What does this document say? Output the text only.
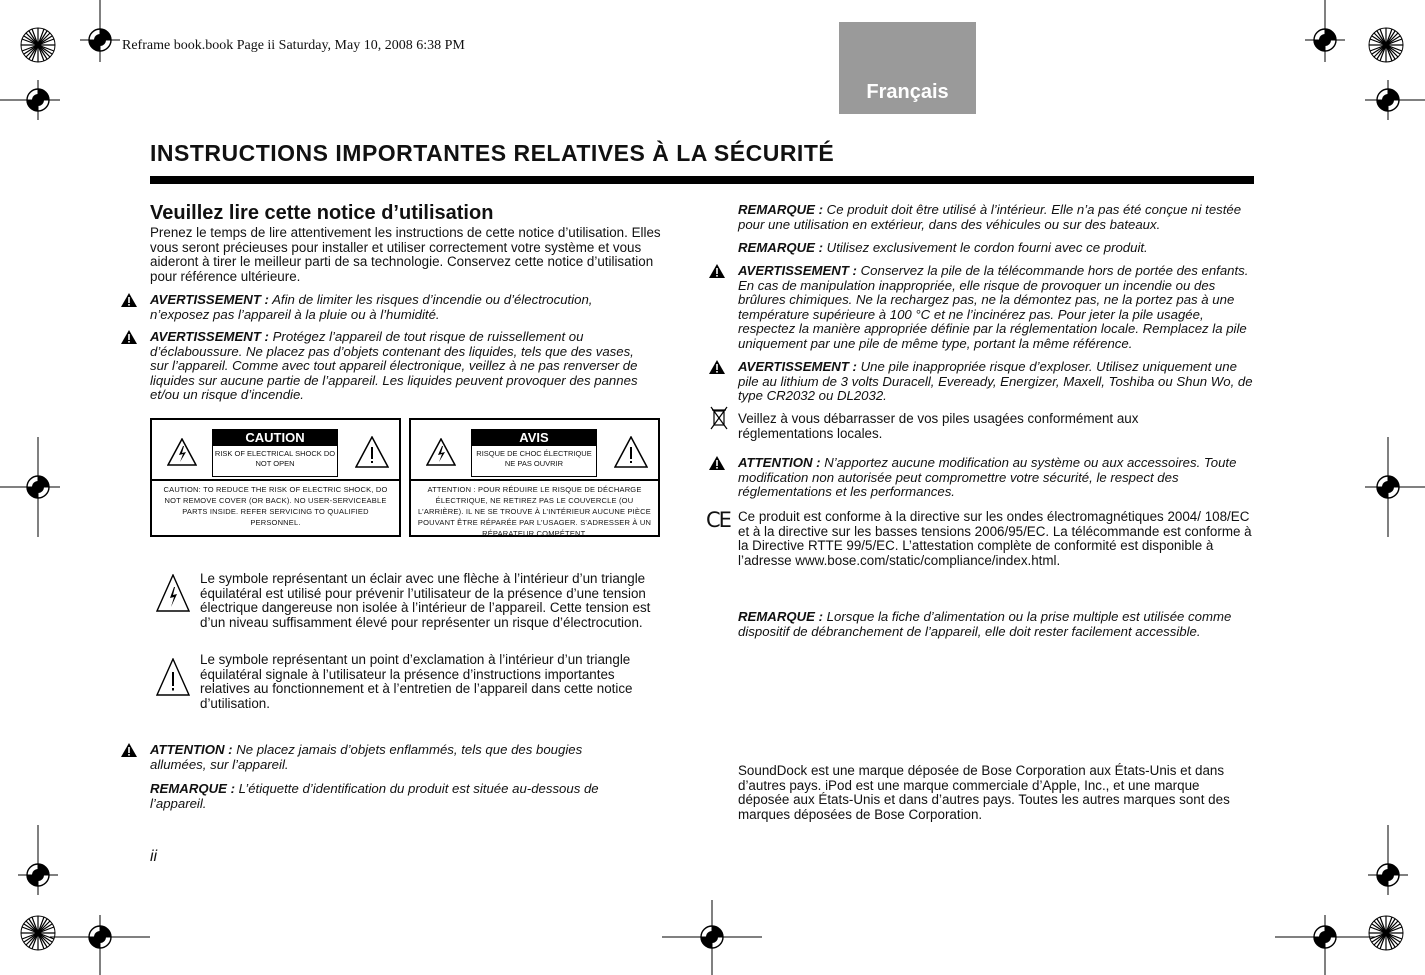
Reframe book.book Page ii Saturday, May 10, 2008 6:38 PM
Français
INSTRUCTIONS IMPORTANTES RELATIVES À LA SÉCURITÉ
Veuillez lire cette notice d’utilisation
Prenez le temps de lire attentivement les instructions de cette notice d’utilisation. Elles vous seront précieuses pour installer et utiliser correctement votre système et vous aideront à tirer le meilleur parti de sa technologie. Conservez cette notice d’utilisation pour référence ultérieure.
AVERTISSEMENT : Afin de limiter les risques d’incendie ou d’électrocution, n’exposez pas l’appareil à la pluie ou à l’humidité.
AVERTISSEMENT : Protégez l’appareil de tout risque de ruissellement ou d’éclaboussure. Ne placez pas d’objets contenant des liquides, tels que des vases, sur l’appareil. Comme avec tout appareil électronique, veillez à ne pas renverser de liquides sur aucune partie de l’appareil. Les liquides peuvent provoquer des pannes et/ou un risque d’incendie.
CAUTION
RISK OF ELECTRICAL SHOCK DO NOT OPEN
CAUTION: TO REDUCE THE RISK OF ELECTRIC SHOCK, DO NOT REMOVE COVER (OR BACK). NO USER-SERVICEABLE PARTS INSIDE. REFER SERVICING TO QUALIFIED PERSONNEL.
AVIS
RISQUE DE CHOC ÉLECTRIQUE NE PAS OUVRIR
ATTENTION : POUR RÉDUIRE LE RISQUE DE DÉCHARGE ÉLECTRIQUE, NE RETIREZ PAS LE COUVERCLE (OU L’ARRIÈRE). IL NE SE TROUVE À L’INTÉRIEUR AUCUNE PIÈCE POUVANT ÊTRE RÉPARÉE PAR L’USAGER. S’ADRESSER À UN RÉPARATEUR COMPÉTENT.
Le symbole représentant un éclair avec une flèche à l’intérieur d’un triangle équilatéral est utilisé pour prévenir l’utilisateur de la présence d’une tension électrique dangereuse non isolée à l’intérieur de l’appareil. Cette tension est d’un niveau suffisamment élevé pour représenter un risque d’électrocution.
Le symbole représentant un point d’exclamation à l’intérieur d’un triangle équilatéral signale à l’utilisateur la présence d’instructions importantes relatives au fonctionnement et à l’entretien de l’appareil dans cette notice d’utilisation.
ATTENTION : Ne placez jamais d’objets enflammés, tels que des bougies allumées, sur l’appareil.
REMARQUE : L’étiquette d’identification du produit est située au-dessous de l’appareil.
ii
REMARQUE : Ce produit doit être utilisé à l’intérieur. Elle n’a pas été conçue ni testée pour une utilisation en extérieur, dans des véhicules ou sur des bateaux.
REMARQUE : Utilisez exclusivement le cordon fourni avec ce produit.
AVERTISSEMENT : Conservez la pile de la télécommande hors de portée des enfants. En cas de manipulation inappropriée, elle risque de provoquer un incendie ou des brûlures chimiques. Ne la rechargez pas, ne la démontez pas, ne la portez pas à une température supérieure à 100 °C et ne l’incinérez pas. Pour jeter la pile usagée, respectez la manière appropriée définie par la réglementation locale. Remplacez la pile uniquement par une pile de même type, portant la même référence.
AVERTISSEMENT : Une pile inappropriée risque d’exploser. Utilisez uniquement une pile au lithium de 3 volts Duracell, Eveready, Energizer, Maxell, Toshiba ou Shun Wo, de type CR2032 ou DL2032.
Veillez à vous débarrasser de vos piles usagées conformément aux réglementations locales.
ATTENTION : N’apportez aucune modification au système ou aux accessoires. Toute modification non autorisée peut compromettre votre sécurité, le respect des réglementations et les performances.
CE Ce produit est conforme à la directive sur les ondes électromagnétiques 2004/ 108/EC et à la directive sur les basses tensions 2006/95/EC. La télécommande est conforme à la Directive RTTE 99/5/EC. L’attestation complète de conformité est disponible à l’adresse www.bose.com/static/compliance/index.html.
REMARQUE : Lorsque la fiche d’alimentation ou la prise multiple est utilisée comme dispositif de débranchement de l’appareil, elle doit rester facilement accessible.
SoundDock est une marque déposée de Bose Corporation aux États-Unis et dans d’autres pays. iPod est une marque commerciale d’Apple, Inc., et une marque déposée aux États-Unis et dans d’autres pays. Toutes les autres marques sont des marques déposées de Bose Corporation.
